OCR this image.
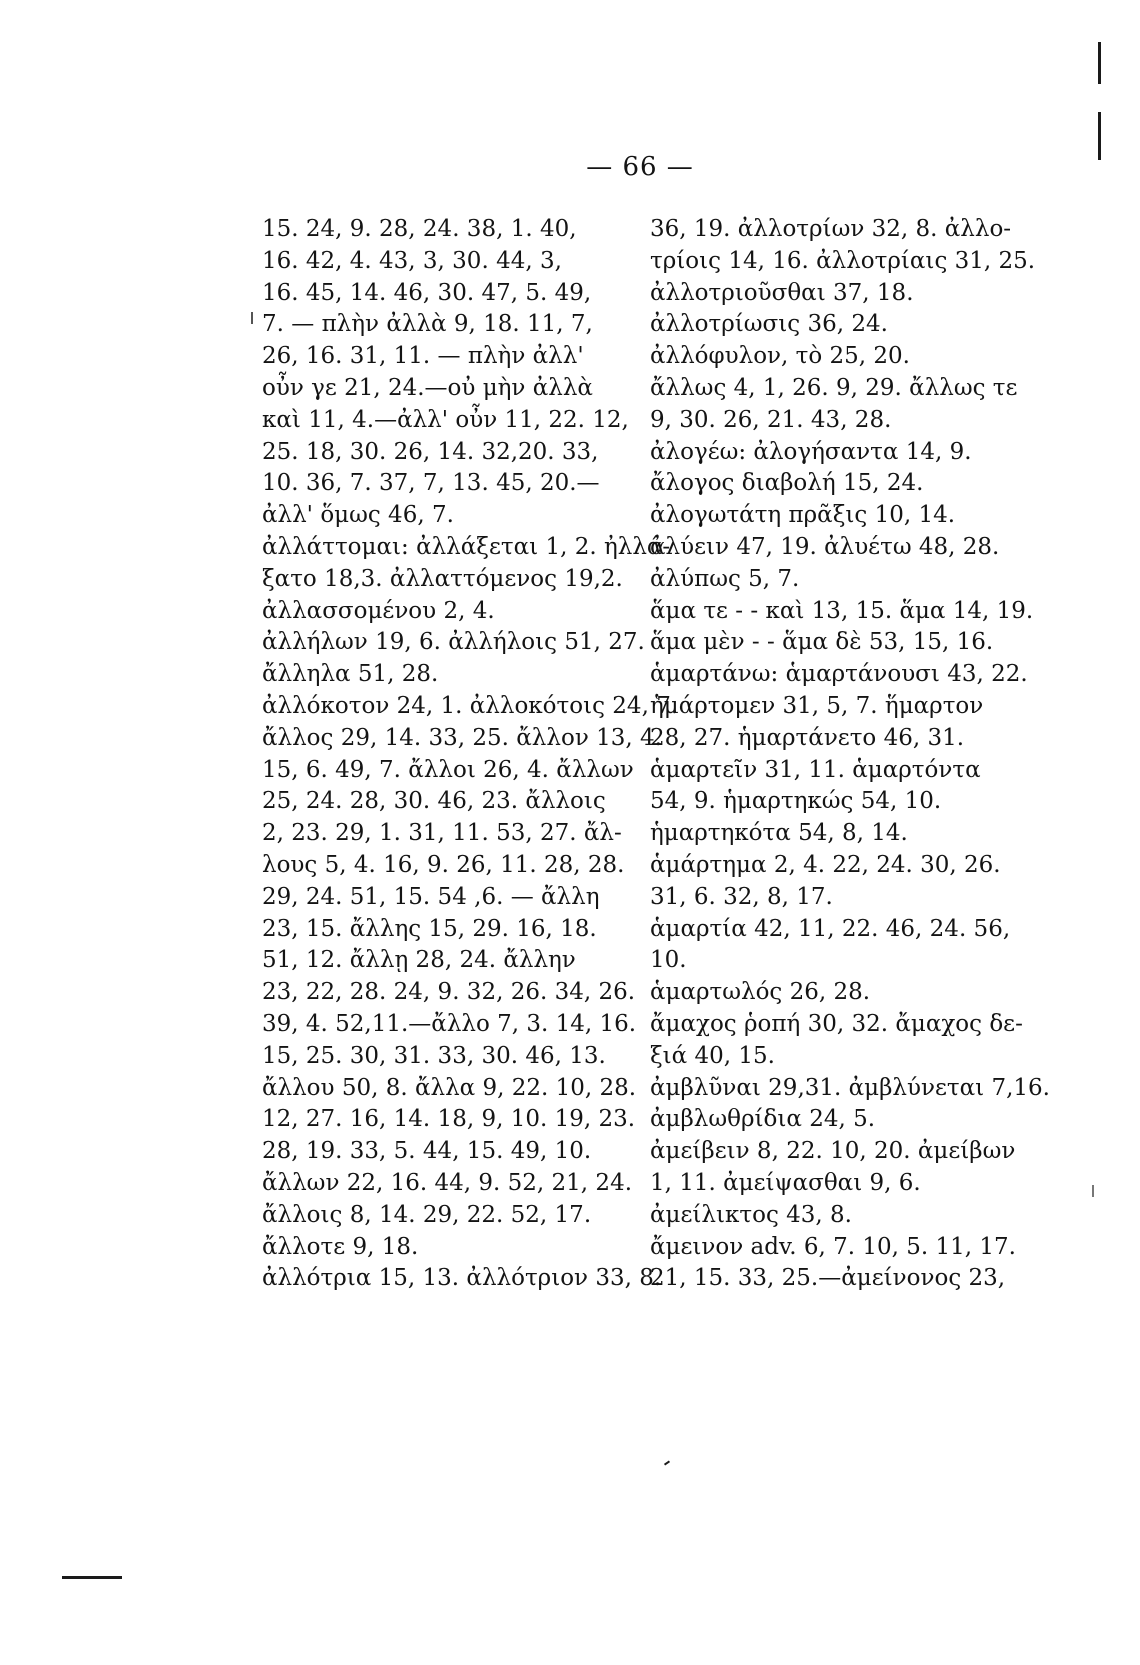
— 66 —
15. 24, 9. 28, 24. 38, 1. 40,
16. 42, 4. 43, 3, 30. 44, 3,
16. 45, 14. 46, 30. 47, 5. 49,
7. — πλὴν ἀλλὰ 9, 18. 11, 7,
26, 16. 31, 11. — πλὴν ἀλλ'
οὖν γε 21, 24.—οὐ μὴν ἀλλὰ
καὶ 11, 4.—ἀλλ' οὖν 11, 22. 12,
25. 18, 30. 26, 14. 32,20. 33,
10. 36, 7. 37, 7, 13. 45, 20.—
ἀλλ' ὅμως 46, 7.
ἀλλάττομαι: ἀλλάξεται 1, 2. ἠλλά-
ξατο 18,3. ἀλλαττόμενος 19,2.
ἀλλασσομένου 2, 4.
ἀλλήλων 19, 6. ἀλλήλοις 51, 27.
ἄλληλα 51, 28.
ἀλλόκοτον 24, 1. ἀλλοκότοις 24, 7.
ἄλλος 29, 14. 33, 25. ἄλλον 13, 4.
15, 6. 49, 7. ἄλλοι 26, 4. ἄλλων
25, 24. 28, 30. 46, 23. ἄλλοις
2, 23. 29, 1. 31, 11. 53, 27. ἄλ-
λους 5, 4. 16, 9. 26, 11. 28, 28.
29, 24. 51, 15. 54 ,6. — ἄλλη
23, 15. ἄλλης 15, 29. 16, 18.
51, 12. ἄλλῃ 28, 24. ἄλλην
23, 22, 28. 24, 9. 32, 26. 34, 26.
39, 4. 52,11.—ἄλλο 7, 3. 14, 16.
15, 25. 30, 31. 33, 30. 46, 13.
ἄλλου 50, 8. ἄλλα 9, 22. 10, 28.
12, 27. 16, 14. 18, 9, 10. 19, 23.
28, 19. 33, 5. 44, 15. 49, 10.
ἄλλων 22, 16. 44, 9. 52, 21, 24.
ἄλλοις 8, 14. 29, 22. 52, 17.
ἄλλοτε 9, 18.
ἀλλότρια 15, 13. ἀλλότριον 33, 8.
36, 19. ἀλλοτρίων 32, 8. ἀλλο-
τρίοις 14, 16. ἀλλοτρίαις 31, 25.
ἀλλοτριοῦσθαι 37, 18.
ἀλλοτρίωσις 36, 24.
ἀλλόφυλον, τὸ 25, 20.
ἄλλως 4, 1, 26. 9, 29. ἄλλως τε
9, 30. 26, 21. 43, 28.
ἀλογέω: ἀλογήσαντα 14, 9.
ἄλογος διαβολή 15, 24.
ἀλογωτάτη πρᾶξις 10, 14.
ἀλύειν 47, 19. ἀλυέτω 48, 28.
ἀλύπως 5, 7.
ἅμα τε - - καὶ 13, 15. ἅμα 14, 19.
ἅμα μὲν - - ἅμα δὲ 53, 15, 16.
ἁμαρτάνω: ἁμαρτάνουσι 43, 22.
ἡμάρτομεν 31, 5, 7. ἥμαρτον
28, 27. ἡμαρτάνετο 46, 31.
ἁμαρτεῖν 31, 11. ἁμαρτόντα
54, 9. ἡμαρτηκώς 54, 10.
ἡμαρτηκότα 54, 8, 14.
ἁμάρτημα 2, 4. 22, 24. 30, 26.
31, 6. 32, 8, 17.
ἁμαρτία 42, 11, 22. 46, 24. 56,
10.
ἁμαρτωλός 26, 28.
ἄμαχος ῥοπή 30, 32. ἄμαχος δε-
ξιά 40, 15.
ἀμβλῦναι 29,31. ἀμβλύνεται 7,16.
ἀμβλωθρίδια 24, 5.
ἀμείβειν 8, 22. 10, 20. ἀμείβων
1, 11. ἀμείψασθαι 9, 6.
ἀμείλικτος 43, 8.
ἄμεινον adv. 6, 7. 10, 5. 11, 17.
21, 15. 33, 25.—ἀμείνονος 23,
